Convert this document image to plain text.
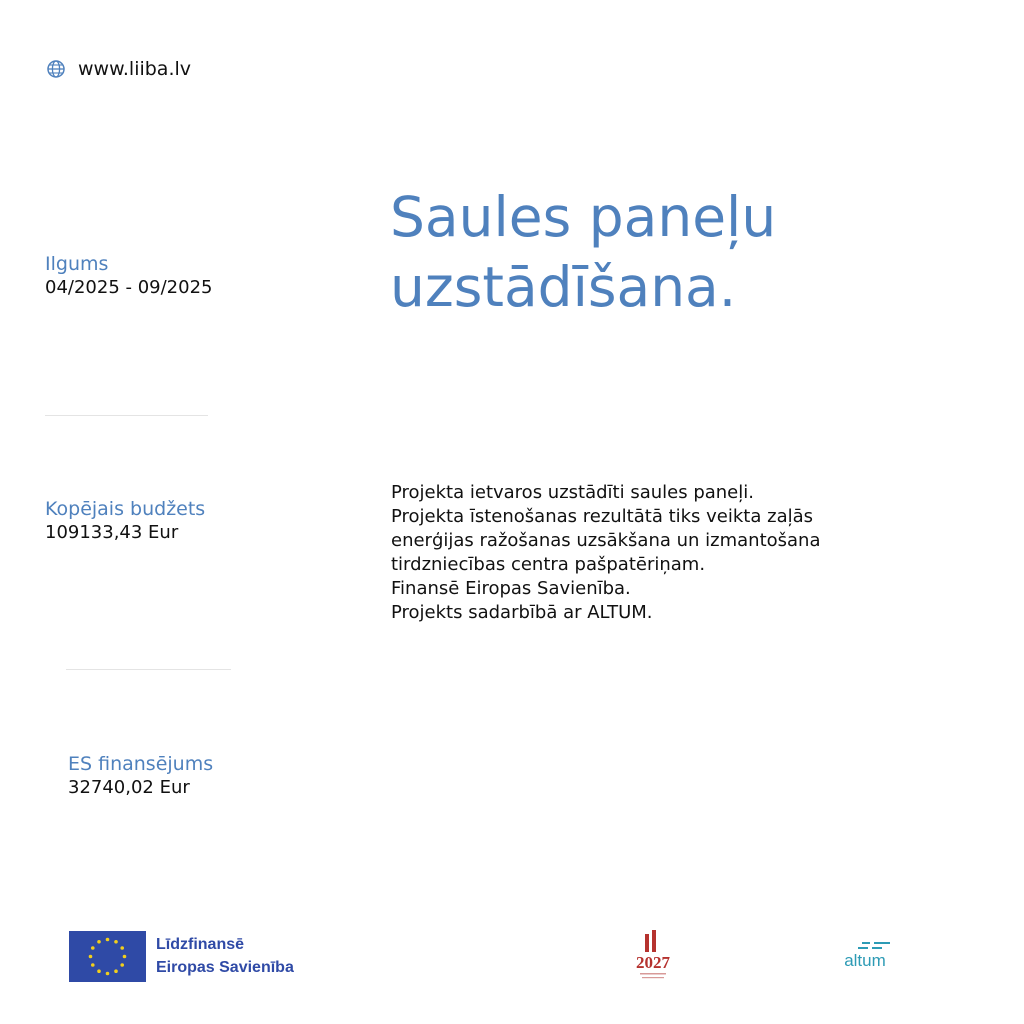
www.liiba.lv
Saules paneļu
uzstādīšana.
Ilgums
04/2025 - 09/2025
Kopējais budžets
109133,43 Eur
ES finansējums
32740,02 Eur
Projekta ietvaros uzstādīti saules paneļi.
Projekta īstenošanas rezultātā tiks veikta zaļās
enerģijas ražošanas uzsākšana un izmantošana
tirdzniecības centra pašpatēriņam.
Finansē Eiropas Savienība.
Projekts sadarbībā ar ALTUM.
Līdzfinansē
Eiropas Savienība	2027	altum
